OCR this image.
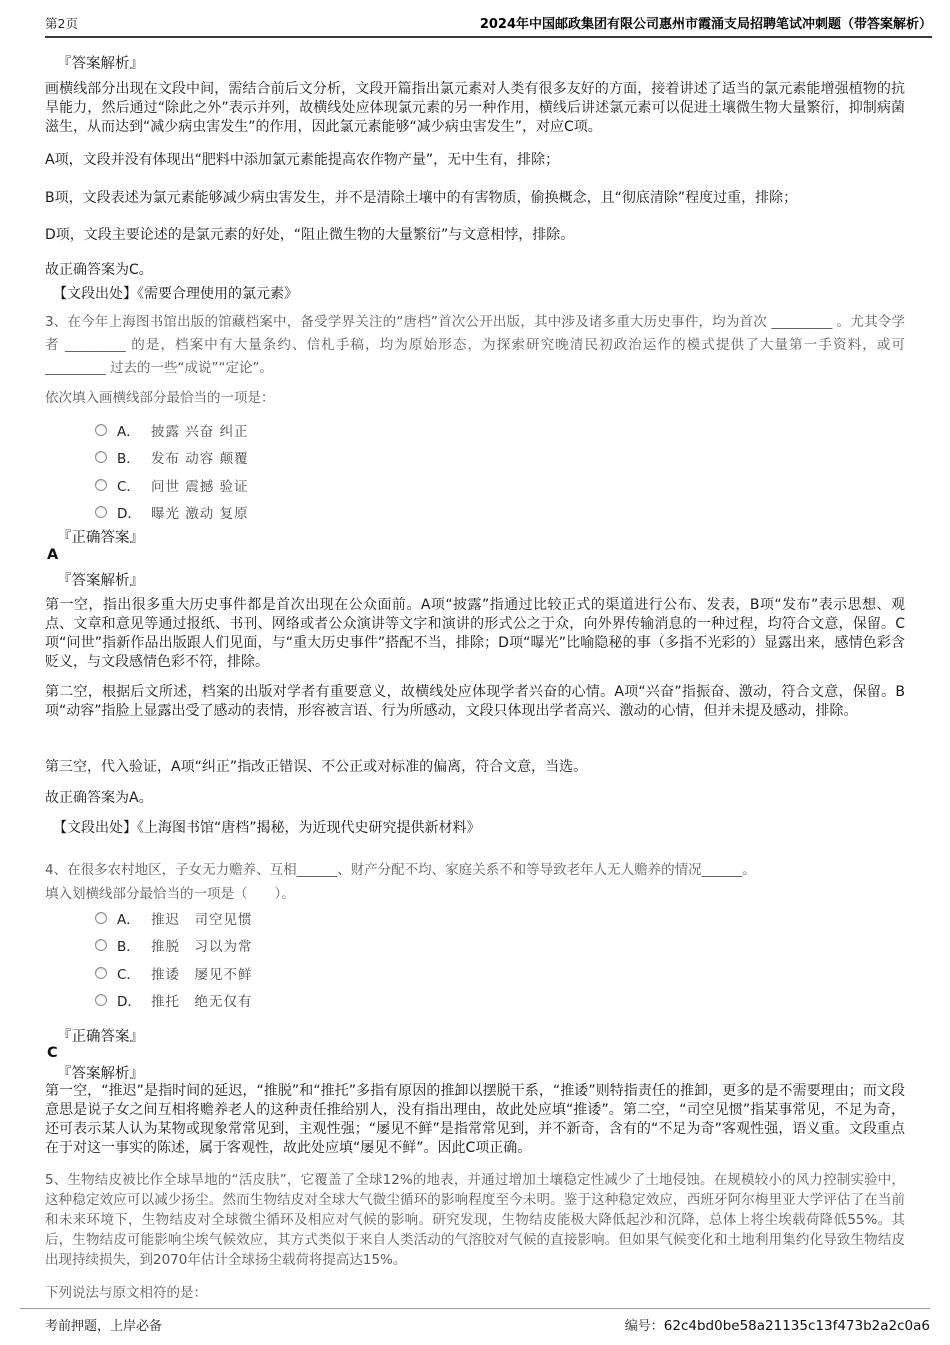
第2页	2024年中国邮政集团有限公司惠州市霞涌支局招聘笔试冲刺题（带答案解析）
『答案解析』
画横线部分出现在文段中间，需结合前后文分析，文段开篇指出氯元素对人类有很多友好的方面，接着讲述了适当的氯元素能增强植物的抗旱能力，然后通过“除此之外”表示并列，故横线处应体现氯元素的另一种作用，横线后讲述氯元素可以促进土壤微生物大量繁衍，抑制病菌滋生，从而达到“减少病虫害发生”的作用，因此氯元素能够“减少病虫害发生”，对应C项。
A项，文段并没有体现出“肥料中添加氯元素能提高农作物产量”，无中生有，排除；
B项，文段表述为氯元素能够减少病虫害发生，并不是清除土壤中的有害物质，偷换概念，且“彻底清除”程度过重，排除；
D项，文段主要论述的是氯元素的好处，“阻止微生物的大量繁衍”与文意相悖，排除。
故正确答案为C。
【文段出处】《需要合理使用的氯元素》
3、在今年上海图书馆出版的馆藏档案中，备受学界关注的“唐档”首次公开出版，其中涉及诸多重大历史事件，均为首次 _________ 。尤其令学者 _________ 的是，档案中有大量条约、信札手稿，均为原始形态，为探索研究晚清民初政治运作的模式提供了大量第一手资料，或可 _________ 过去的一些“成说”“定论”。
依次填入画横线部分最恰当的一项是：
A． 披露 兴奋 纠正
B． 发布 动容 颠覆
C． 问世 震撼 验证
D． 曝光 激动 复原
『正确答案』
A
『答案解析』
第一空，指出很多重大历史事件都是首次出现在公众面前。A项“披露”指通过比较正式的渠道进行公布、发表，B项“发布”表示思想、观点、文章和意见等通过报纸、书刊、网络或者公众演讲等文字和演讲的形式公之于众，向外界传输消息的一种过程，均符合文意，保留。C项“问世”指新作品出版跟人们见面，与“重大历史事件”搭配不当，排除；D项“曝光”比喻隐秘的事（多指不光彩的）显露出来，感情色彩含贬义，与文段感情色彩不符，排除。
第二空，根据后文所述，档案的出版对学者有重要意义，故横线处应体现学者兴奋的心情。A项“兴奋”指振奋、激动，符合文意，保留。B项“动容”指脸上显露出受了感动的表情，形容被言语、行为所感动，文段只体现出学者高兴、激动的心情，但并未提及感动，排除。
第三空，代入验证，A项“纠正”指改正错误、不公正或对标准的偏离，符合文意，当选。
故正确答案为A。
【文段出处】《上海图书馆“唐档”揭秘，为近现代史研究提供新材料》
4、在很多农村地区，子女无力赡养、互相______、财产分配不均、家庭关系不和等导致老年人无人赡养的情况______。
填入划横线部分最恰当的一项是（　　）。
A． 推迟　司空见惯
B． 推脱　习以为常
C． 推诿　屡见不鲜
D． 推托　绝无仅有
『正确答案』
C
『答案解析』
第一空，“推迟”是指时间的延迟，“推脱”和“推托”多指有原因的推卸以摆脱干系，“推诿”则特指责任的推卸，更多的是不需要理由；而文段意思是说子女之间互相将赡养老人的这种责任推给别人，没有指出理由，故此处应填“推诿”。第二空，“司空见惯”指某事常见，不足为奇，还可表示某人认为某物或现象常常见到，主观性强；“屡见不鲜”是指常常见到，并不新奇，含有的“不足为奇”客观性强，语义重。文段重点在于对这一事实的陈述，属于客观性，故此处应填“屡见不鲜”。因此C项正确。
5、生物结皮被比作全球旱地的“活皮肤”，它覆盖了全球12%的地表，并通过增加土壤稳定性减少了土地侵蚀。在规模较小的风力控制实验中，这种稳定效应可以减少扬尘。然而生物结皮对全球大气微尘循环的影响程度至今未明。鉴于这种稳定效应，西班牙阿尔梅里亚大学评估了在当前和未来环境下，生物结皮对全球微尘循环及相应对气候的影响。研究发现，生物结皮能极大降低起沙和沉降，总体上将尘埃载荷降低55%。其后，生物结皮可能影响尘埃气候效应，其方式类似于来自人类活动的气溶胶对气候的直接影响。但如果气候变化和土地利用集约化导致生物结皮出现持续损失，到2070年估计全球扬尘载荷将提高达15%。
下列说法与原文相符的是：
考前押题，上岸必备	编号：62c4bd0be58a21135c13f473b2a2c0a6
